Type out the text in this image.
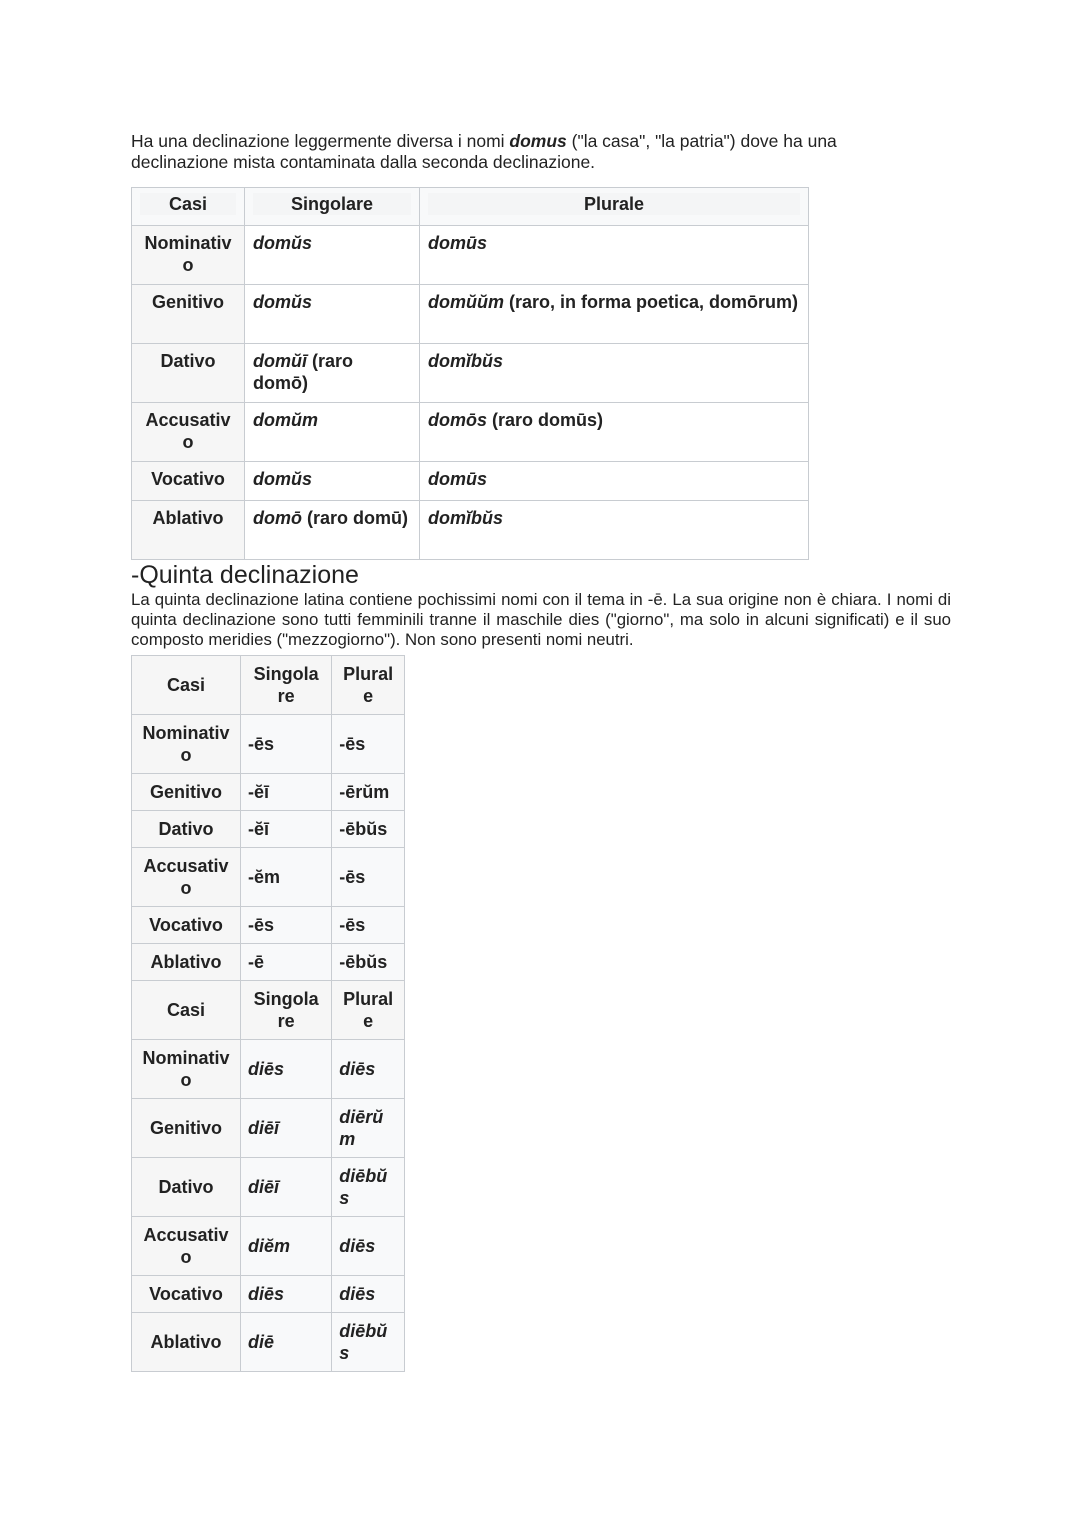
Ha una declinazione leggermente diversa i nomi domus ("la casa", "la patria") dove ha una declinazione mista contaminata dalla seconda declinazione.

Casi	Singolare	Plurale

Nominativ o	domŭs	domūs
Genitivo	domŭs	domŭŭm (raro, in forma poetica, domōrum)
Dativo	domŭī (raro domō)	domĭbŭs
Accusativ o	domŭm	domōs (raro domūs)
Vocativo	domŭs	domūs
Ablativo	domō (raro domū)	domĭbŭs
-Quinta declinazione

La quinta declinazione latina contiene pochissimi nomi con il tema in -ē. La sua origine non è chiara. I nomi di quinta declinazione sono tutti femminili tranne il maschile dies ("giorno", ma solo in alcuni significati) e il suo composto meridies ("mezzogiorno"). Non sono presenti nomi neutri.

Casi	Singola re	Plural e
Nominativ o	-ēs	-ēs
Genitivo	-ĕī	-ērŭm
Dativo	-ĕī	-ēbŭs
Accusativ o	-ĕm	-ēs
Vocativo	-ēs	-ēs
Ablativo	-ē	-ēbŭs
Casi	Singola re	Plural e
Nominativ o	diēs	diēs
Genitivo	diēī	diērŭ m
Dativo	diēī	diēbŭ s
Accusativ o	diĕm	diēs
Vocativo	diēs	diēs
Ablativo	diē	diēbŭ s
